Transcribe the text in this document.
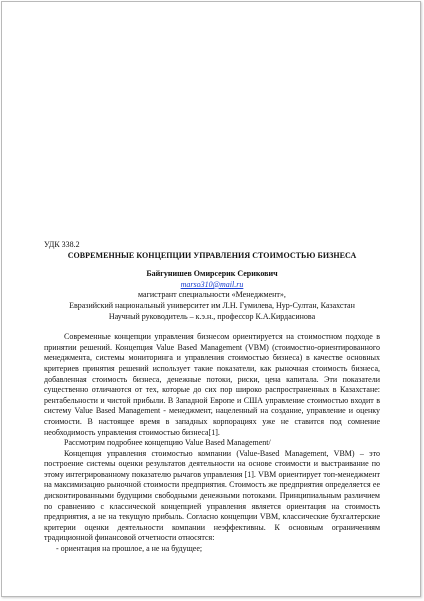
УДК 338.2

СОВРЕМЕННЫЕ КОНЦЕПЦИИ УПРАВЛЕНИЯ СТОИМОСТЬЮ БИЗНЕСА

Байгунишев Омирсерик Серикович
marso310@mail.ru
магистрант специальности «Менеджмент»,
Евразийский национальный университет им Л.Н. Гумилева, Нур-Султан, Казахстан
Научный руководитель – к.э.н., профессор К.А.Кирдасинова

Современные концепции управления бизнесом ориентируется на стоимостном подходе в принятии решений. Концепция Value Based Management (VBM) (стоимостно-ориентированного менеджмента, системы мониторинга и управления стоимостью бизнеса) в качестве основных критериев принятия решений использует такие показатели, как рыночная стоимость бизнеса, добавленная стоимость бизнеса, денежные потоки, риски, цена капитала. Эти показатели существенно отличаются от тех, которые до сих пор широко распространенных в Казахстане: рентабельности и чистой прибыли. В Западной Европе и США управление стоимостью входит в систему Value Based Management - менеджмент, нацеленный на создание, управление и оценку стоимости. В настоящее время в западных корпорациях уже не ставится под сомнение необходимость управления стоимостью бизнеса[1].

Рассмотрим подробнее концепцию Value Based Management/

Концепция управления стоимостью компании (Value-Based Management, VBM) – это построение системы оценки результатов деятельности на основе стоимости и выстраивание по этому интегрированному показателю рычагов управления [1]. VBM ориентирует топ-менеджмент на максимизацию рыночной стоимости предприятия. Стоимость же предприятия определяется ее дисконтированными будущими свободными денежными потоками. Принципиальным различием по сравнению с классической концепцией управления является ориентация на стоимость предприятия, а не на текущую прибыль. Согласно концепции VBM, классические бухгалтерские критерии оценки деятельности компании неэффективны. К основным ограничениям традиционной финансовой отчетности относятся:

- ориентация на прошлое, а не на будущее;
